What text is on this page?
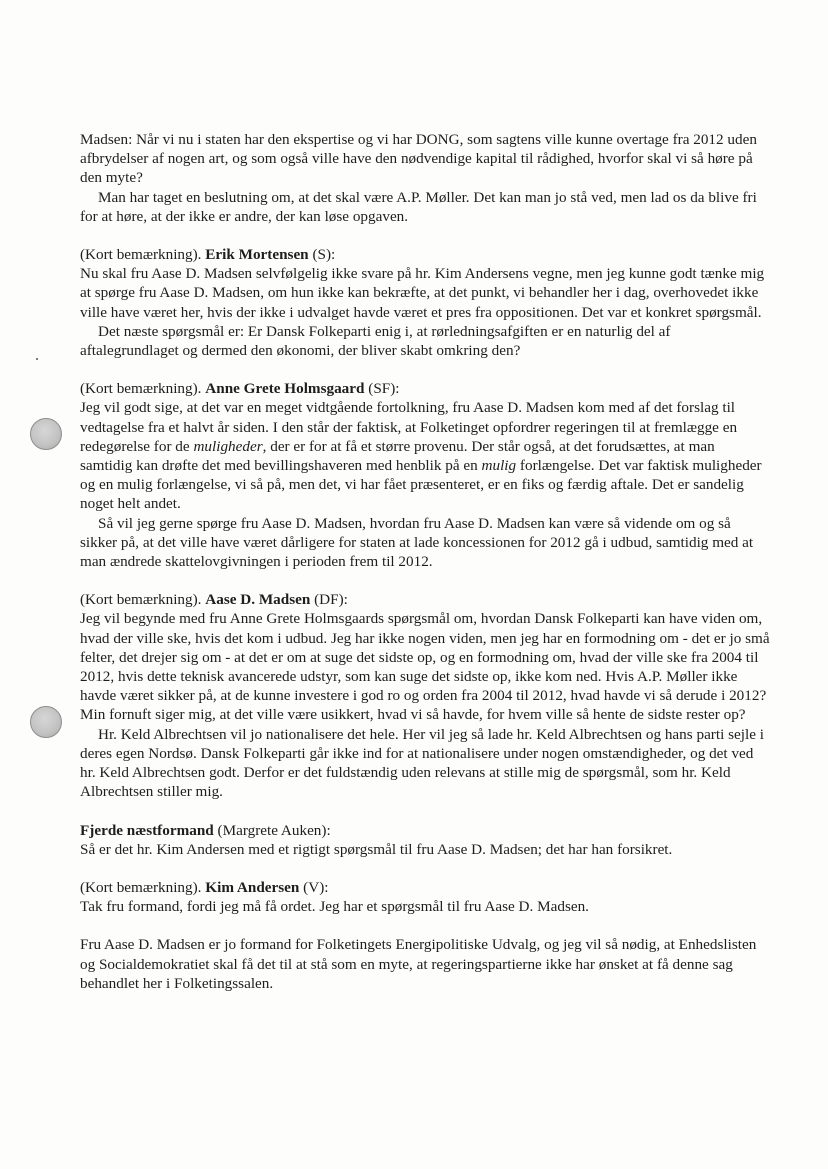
Madsen: Når vi nu i staten har den ekspertise og vi har DONG, som sagtens ville kunne overtage fra 2012 uden afbrydelser af nogen art, og som også ville have den nødvendige kapital til rådighed, hvorfor skal vi så høre på den myte?

Man har taget en beslutning om, at det skal være A.P. Møller. Det kan man jo stå ved, men lad os da blive fri for at høre, at der ikke er andre, der kan løse opgaven.

(Kort bemærkning). Erik Mortensen (S):

Nu skal fru Aase D. Madsen selvfølgelig ikke svare på hr. Kim Andersens vegne, men jeg kunne godt tænke mig at spørge fru Aase D. Madsen, om hun ikke kan bekræfte, at det punkt, vi behandler her i dag, overhovedet ikke ville have været her, hvis der ikke i udvalget havde været et pres fra oppositionen. Det var et konkret spørgsmål.

Det næste spørgsmål er: Er Dansk Folkeparti enig i, at rørledningsafgiften er en naturlig del af aftalegrundlaget og dermed den økonomi, der bliver skabt omkring den?

(Kort bemærkning). Anne Grete Holmsgaard (SF):

Jeg vil godt sige, at det var en meget vidtgående fortolkning, fru Aase D. Madsen kom med af det forslag til vedtagelse fra et halvt år siden. I den står der faktisk, at Folketinget opfordrer regeringen til at fremlægge en redegørelse for de muligheder, der er for at få et større provenu. Der står også, at det forudsættes, at man samtidig kan drøfte det med bevillingshaveren med henblik på en mulig forlængelse. Det var faktisk muligheder og en mulig forlængelse, vi så på, men det, vi har fået præsenteret, er en fiks og færdig aftale. Det er sandelig noget helt andet.

Så vil jeg gerne spørge fru Aase D. Madsen, hvordan fru Aase D. Madsen kan være så vidende om og så sikker på, at det ville have været dårligere for staten at lade koncessionen for 2012 gå i udbud, samtidig med at man ændrede skattelovgivningen i perioden frem til 2012.

(Kort bemærkning). Aase D. Madsen (DF):

Jeg vil begynde med fru Anne Grete Holmsgaards spørgsmål om, hvordan Dansk Folkeparti kan have viden om, hvad der ville ske, hvis det kom i udbud. Jeg har ikke nogen viden, men jeg har en formodning om - det er jo små felter, det drejer sig om - at det er om at suge det sidste op, og en formodning om, hvad der ville ske fra 2004 til 2012, hvis dette teknisk avancerede udstyr, som kan suge det sidste op, ikke kom ned. Hvis A.P. Møller ikke havde været sikker på, at de kunne investere i god ro og orden fra 2004 til 2012, hvad havde vi så derude i 2012? Min fornuft siger mig, at det ville være usikkert, hvad vi så havde, for hvem ville så hente de sidste rester op?

Hr. Keld Albrechtsen vil jo nationalisere det hele. Her vil jeg så lade hr. Keld Albrechtsen og hans parti sejle i deres egen Nordsø. Dansk Folkeparti går ikke ind for at nationalisere under nogen omstændigheder, og det ved hr. Keld Albrechtsen godt. Derfor er det fuldstændig uden relevans at stille mig de spørgsmål, som hr. Keld Albrechtsen stiller mig.

Fjerde næstformand (Margrete Auken):

Så er det hr. Kim Andersen med et rigtigt spørgsmål til fru Aase D. Madsen; det har han forsikret.

(Kort bemærkning). Kim Andersen (V):

Tak fru formand, fordi jeg må få ordet. Jeg har et spørgsmål til fru Aase D. Madsen.

Fru Aase D. Madsen er jo formand for Folketingets Energipolitiske Udvalg, og jeg vil så nødig, at Enhedslisten og Socialdemokratiet skal få det til at stå som en myte, at regeringspartierne ikke har ønsket at få denne sag behandlet her i Folketingssalen.
